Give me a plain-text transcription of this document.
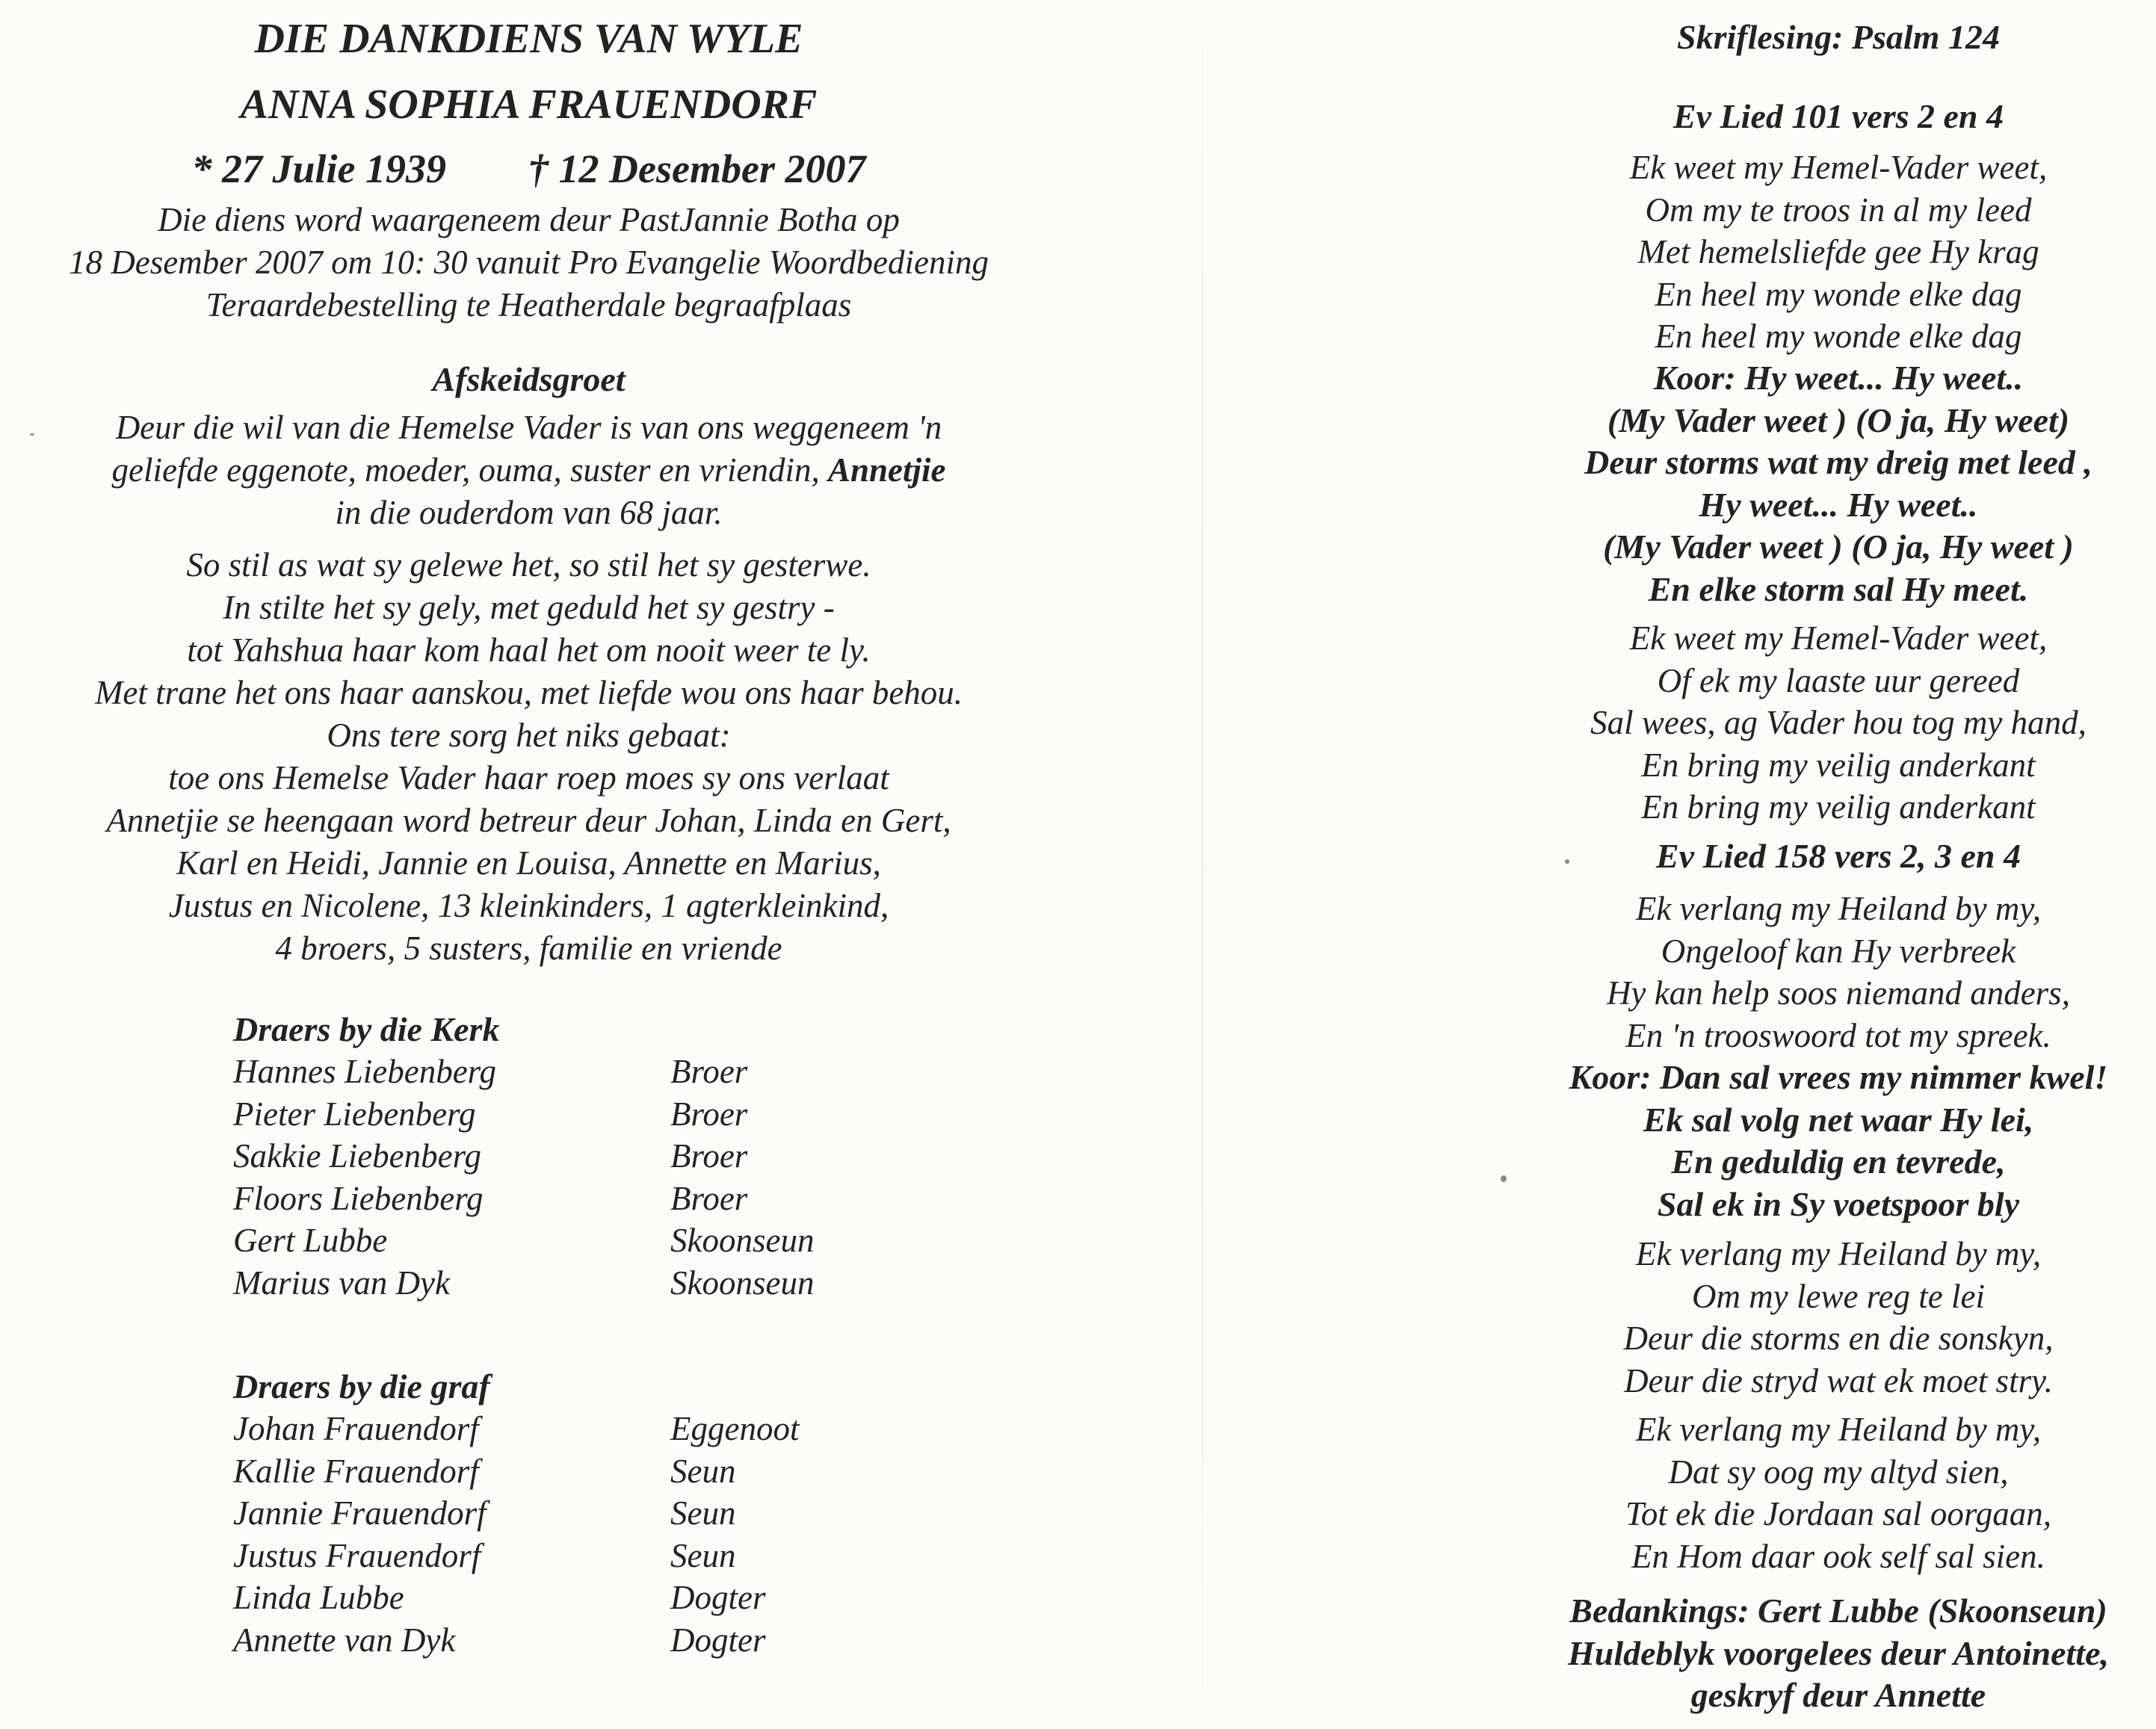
DIE DANKDIENS VAN WYLE
ANNA SOPHIA FRAUENDORF
* 27 Julie 1939 † 12 Desember 2007
Die diens word waargeneem deur PastJannie Botha op
18 Desember 2007 om 10: 30 vanuit Pro Evangelie Woordbediening
Teraardebestelling te Heatherdale begraafplaas
Afskeidsgroet
Deur die wil van die Hemelse Vader is van ons weggeneem 'n
geliefde eggenote, moeder, ouma, suster en vriendin, Annetjie
in die ouderdom van 68 jaar.
So stil as wat sy gelewe het, so stil het sy gesterwe.
In stilte het sy gely, met geduld het sy gestry -
tot Yahshua haar kom haal het om nooit weer te ly.
Met trane het ons haar aanskou, met liefde wou ons haar behou.
Ons tere sorg het niks gebaat:
toe ons Hemelse Vader haar roep moes sy ons verlaat
Annetjie se heengaan word betreur deur Johan, Linda en Gert,
Karl en Heidi, Jannie en Louisa, Annette en Marius,
Justus en Nicolene, 13 kleinkinders, 1 agterkleinkind,
4 broers, 5 susters, familie en vriende
Draers by die Kerk
Hannes Liebenberg	Broer
Pieter Liebenberg	Broer
Sakkie Liebenberg	Broer
Floors Liebenberg	Broer
Gert Lubbe	Skoonseun
Marius van Dyk	Skoonseun
Draers by die graf
Johan Frauendorf	Eggenoot
Kallie Frauendorf	Seun
Jannie Frauendorf	Seun
Justus Frauendorf	Seun
Linda Lubbe	Dogter
Annette van Dyk	Dogter
Skriflesing: Psalm 124
Ev Lied 101 vers 2 en 4
Ek weet my Hemel-Vader weet,
Om my te troos in al my leed
Met hemelsliefde gee Hy krag
En heel my wonde elke dag
En heel my wonde elke dag
Koor: Hy weet... Hy weet..
(My Vader weet ) (O ja, Hy weet)
Deur storms wat my dreig met leed ,
Hy weet... Hy weet..
(My Vader weet ) (O ja, Hy weet )
En elke storm sal Hy meet.
Ek weet my Hemel-Vader weet,
Of ek my laaste uur gereed
Sal wees, ag Vader hou tog my hand,
En bring my veilig anderkant
En bring my veilig anderkant
Ev Lied 158 vers 2, 3 en 4
Ek verlang my Heiland by my,
Ongeloof kan Hy verbreek
Hy kan help soos niemand anders,
En 'n trooswoord tot my spreek.
Koor: Dan sal vrees my nimmer kwel!
Ek sal volg net waar Hy lei,
En geduldig en tevrede,
Sal ek in Sy voetspoor bly
Ek verlang my Heiland by my,
Om my lewe reg te lei
Deur die storms en die sonskyn,
Deur die stryd wat ek moet stry.
Ek verlang my Heiland by my,
Dat sy oog my altyd sien,
Tot ek die Jordaan sal oorgaan,
En Hom daar ook self sal sien.
Bedankings: Gert Lubbe (Skoonseun)
Huldeblyk voorgelees deur Antoinette,
geskryf deur Annette
